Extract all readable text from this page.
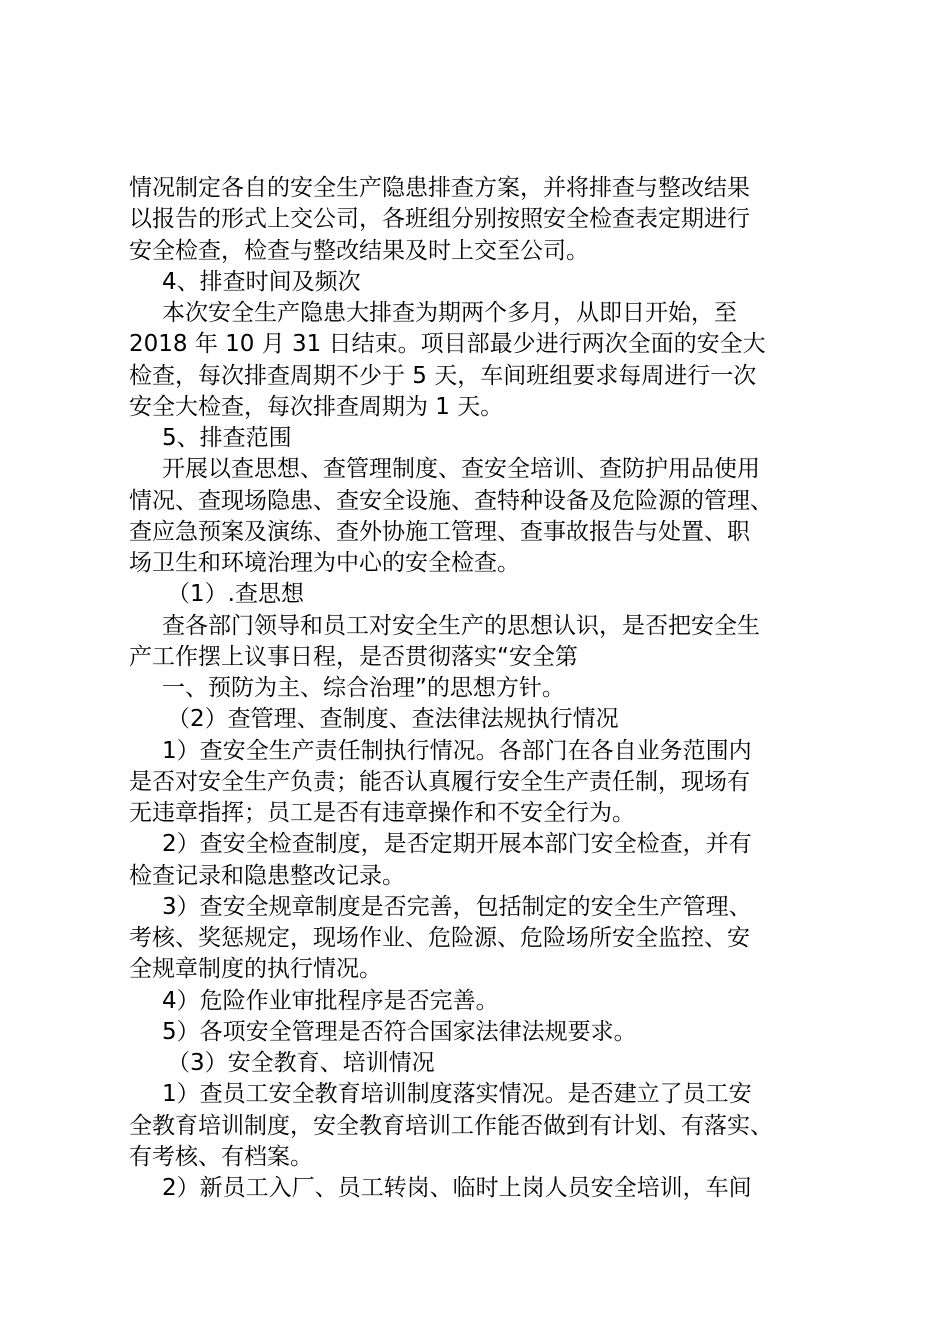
情况制定各自的安全生产隐患排查方案，并将排查与整改结果

以报告的形式上交公司，各班组分别按照安全检查表定期进行

安全检查，检查与整改结果及时上交至公司。

4、排查时间及频次

本次安全生产隐患大排查为期两个多月，从即日开始，至

2018 年 10 月 31 日结束。项目部最少进行两次全面的安全大

检查，每次排查周期不少于 5 天，车间班组要求每周进行一次

安全大检查，每次排查周期为 1 天。

5、排查范围

开展以查思想、查管理制度、查安全培训、查防护用品使用

情况、查现场隐患、查安全设施、查特种设备及危险源的管理、

查应急预案及演练、查外协施工管理、查事故报告与处置、职

场卫生和环境治理为中心的安全检查。

（1）.查思想

查各部门领导和员工对安全生产的思想认识，是否把安全生

产工作摆上议事日程，是否贯彻落实“安全第

一、预防为主、综合治理”的思想方针。

（2）查管理、查制度、查法律法规执行情况

1）查安全生产责任制执行情况。各部门在各自业务范围内

是否对安全生产负责；能否认真履行安全生产责任制，现场有

无违章指挥；员工是否有违章操作和不安全行为。

2）查安全检查制度，是否定期开展本部门安全检查，并有

检查记录和隐患整改记录。

3）查安全规章制度是否完善，包括制定的安全生产管理、

考核、奖惩规定，现场作业、危险源、危险场所安全监控、安

全规章制度的执行情况。

4）危险作业审批程序是否完善。

5）各项安全管理是否符合国家法律法规要求。

（3）安全教育、培训情况

1）查员工安全教育培训制度落实情况。是否建立了员工安

全教育培训制度，安全教育培训工作能否做到有计划、有落实、

有考核、有档案。

2）新员工入厂、员工转岗、临时上岗人员安全培训，车间
